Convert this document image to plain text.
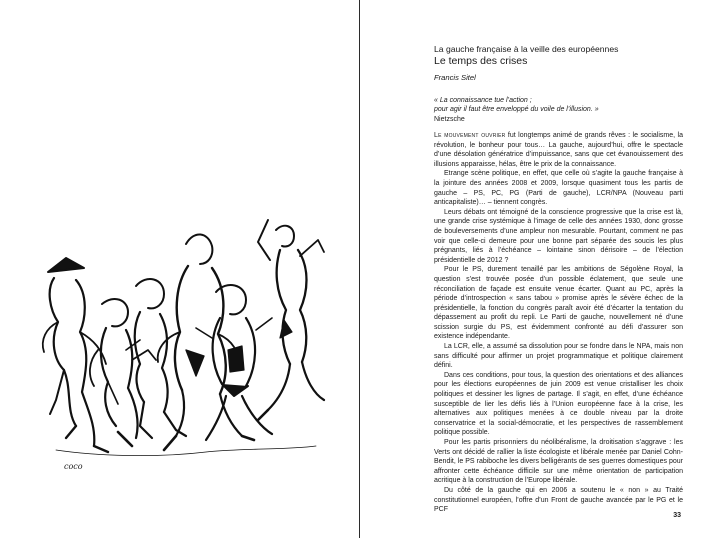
coco

La gauche française à la veille des européennes

Le temps des crises

Francis Sitel
« La connaissance tue l’action ;
pour agir il faut être enveloppé du voile de l’illusion. »
Nietzsche

Le mouvement ouvrier fut longtemps animé de grands rêves : le socialisme, la révolution, le bonheur pour tous… La gauche, aujourd’hui, offre le spectacle d’une désolation génératrice d’impuissance, sans que cet évanouissement des illusions apparaisse, hélas, être le prix de la connaissance.

Etrange scène politique, en effet, que celle où s’agite la gauche française à la jointure des années 2008 et 2009, lorsque quasiment tous les partis de gauche – PS, PC, PG (Parti de gauche), LCR/NPA (Nouveau parti anticapitaliste)… – tiennent congrès.

Leurs débats ont témoigné de la conscience progressive que la crise est là, une grande crise systémique à l’image de celle des années 1930, donc grosse de bouleversements d’une ampleur non mesurable. Pourtant, comment ne pas voir que celle-ci demeure pour une bonne part séparée des soucis les plus prégnants, liés à l’échéance – lointaine sinon dérisoire – de l’élection présidentielle de 2012 ?

Pour le PS, durement tenaillé par les ambitions de Ségolène Royal, la question s’est trouvée posée d’un possible éclatement, que seule une réconciliation de façade est ensuite venue écarter. Quant au PC, après la période d’introspection « sans tabou » promise après le sévère échec de la présidentielle, la fonction du congrès paraît avoir été d’écarter la tentation du dépassement au profit du repli. Le Parti de gauche, nouvellement né d’une scission surgie du PS, est évidemment confronté au défi d’assurer son existence indépendante.

La LCR, elle, a assumé sa dissolution pour se fondre dans le NPA, mais non sans difficulté pour affirmer un projet programmatique et politique clairement défini.

Dans ces conditions, pour tous, la question des orientations et des alliances pour les élections européennes de juin 2009 est venue cristalliser les choix politiques et dessiner les lignes de partage. Il s’agit, en effet, d’une échéance susceptible de lier les défis liés à l’Union européenne face à la crise, les alternatives aux politiques menées à ce double niveau par la droite conservatrice et la social-démocratie, et les perspectives de rassemblement politique possible.

Pour les partis prisonniers du néolibéralisme, la droitisation s’aggrave : les Verts ont décidé de rallier la liste écologiste et libérale menée par Daniel Cohn-Bendit, le PS rabiboche les divers belligérants de ses guerres domestiques pour affronter cette échéance difficile sur une même orientation de participation acritique à la construction de l’Europe libérale.

Du côté de la gauche qui en 2006 a soutenu le « non » au Traité constitutionnel européen, l’offre d’un Front de gauche avancée par le PG et le PCF

33
